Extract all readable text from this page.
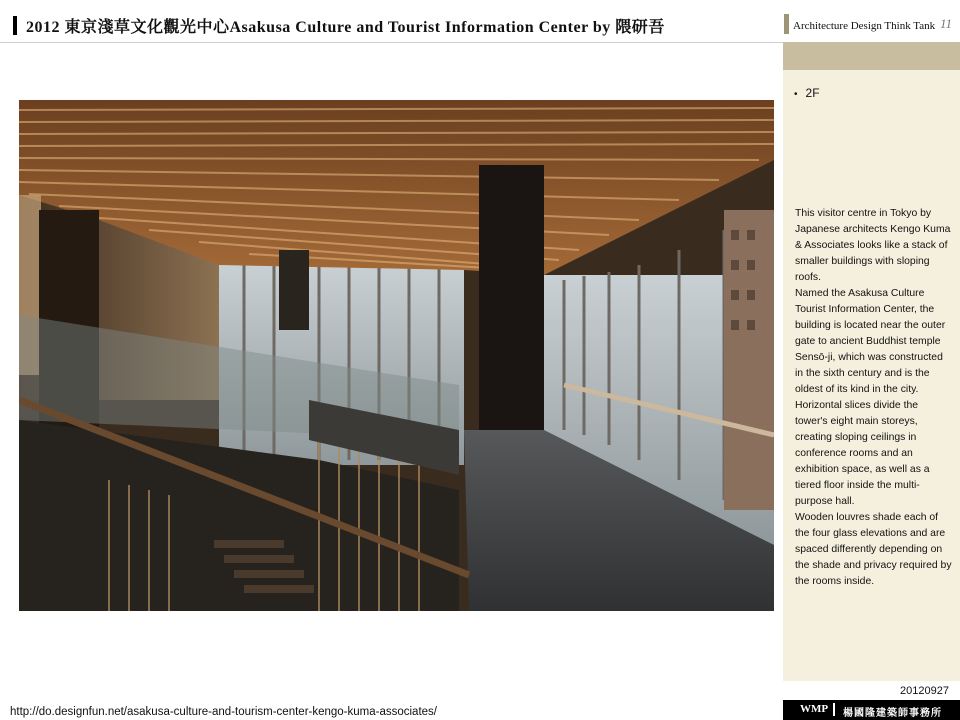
2012 東京淺草文化觀光中心Asakusa Culture and Tourist Information Center by 隈研吾	Architecture Design Think Tank 11
• 2F

This visitor centre in Tokyo by Japanese architects Kengo Kuma & Associates looks like a stack of smaller buildings with sloping roofs.

Named the Asakusa Culture Tourist Information Center, the building is located near the outer gate to ancient Buddhist temple Sensō-ji, which was constructed in the sixth century and is the oldest of its kind in the city.

Horizontal slices divide the tower's eight main storeys, creating sloping ceilings in conference rooms and an exhibition space, as well as a tiered floor inside the multi-purpose hall.

Wooden louvres shade each of the four glass elevations and are spaced differently depending on the shade and privacy required by the rooms inside.

http://do.designfun.net/asakusa-culture-and-tourism-center-kengo-kuma-associates/
20120927
WMP 楊國隆建築師事務所
